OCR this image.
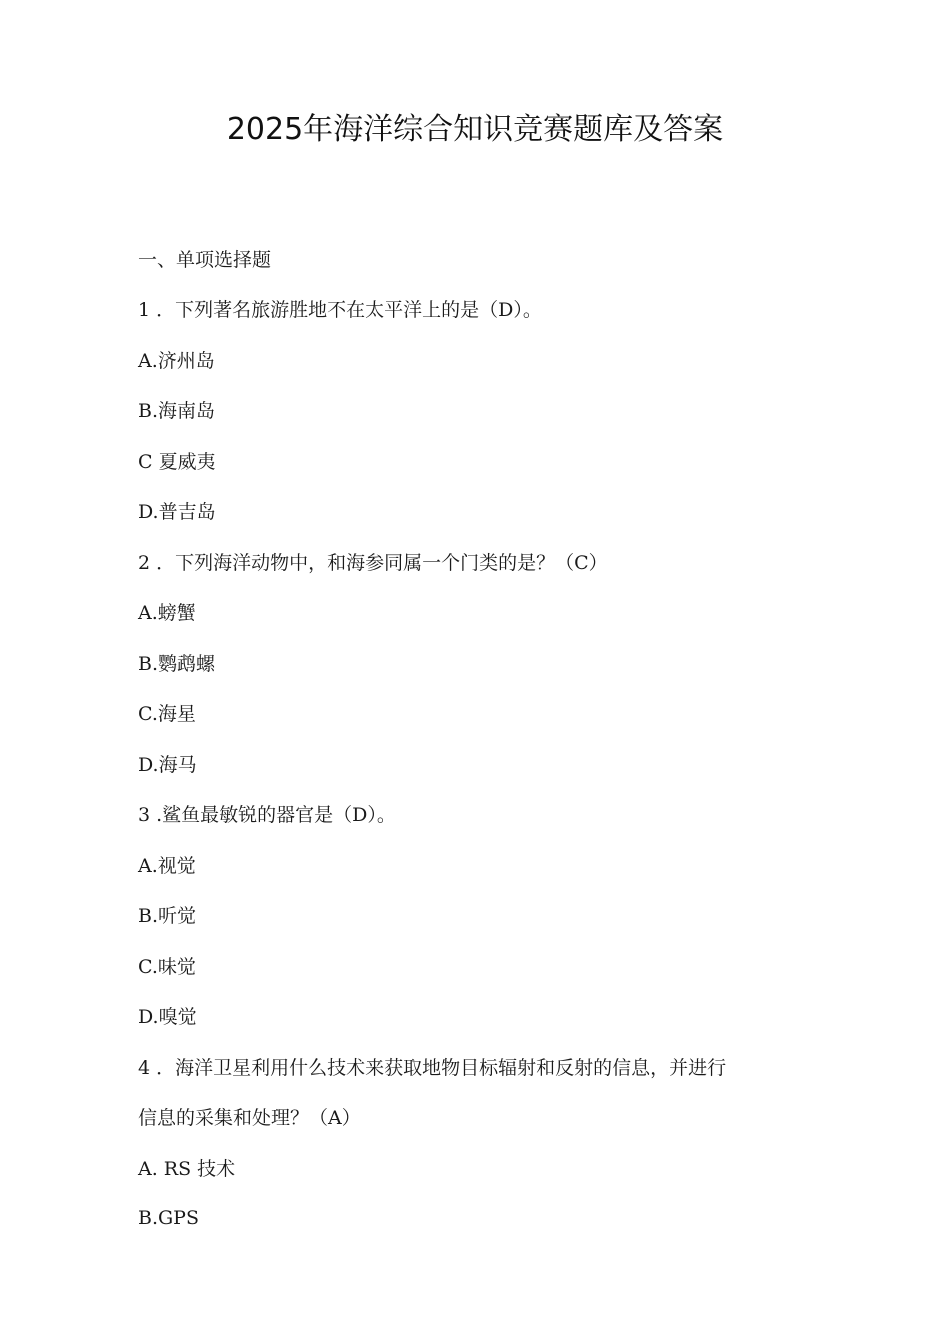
2025年海洋综合知识竞赛题库及答案
一、单项选择题
1 ．下列著名旅游胜地不在太平洋上的是（D）。
A.济州岛
B.海南岛
C 夏威夷
D.普吉岛
2 ．下列海洋动物中，和海参同属一个门类的是？（C）
A.螃蟹
B.鹦鹉螺
C.海星
D.海马
3 .鲨鱼最敏锐的器官是（D）。
A.视觉
B.听觉
C.味觉
D.嗅觉
4 ．海洋卫星利用什么技术来获取地物目标辐射和反射的信息，并进行
信息的采集和处理？（A）
A. RS 技术
B.GPS
